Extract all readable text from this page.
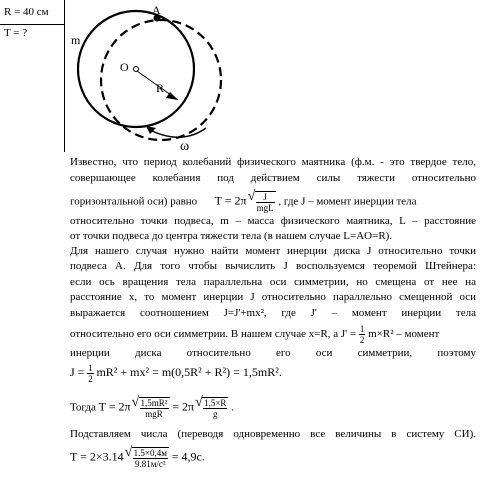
R = 40 см
T = ?
A
m
O
R
ω
Известно, что период колебаний физического маятника (ф.м. - это твердое тело,
совершающее колебания под действием силы тяжести относительно
горизонтальной оси) равно T = 2π √ $\frac{J}{\text{mgL}}$ , где J – момент инерции тела
относительно точки подвеса, m – масса физического маятника, L – расстояние
от точки подвеса до центра тяжести тела (в нашем случае L=AO=R).
Для нашего случая нужно найти момент инерции диска J относительно точки
подвеса А. Для того чтобы вычислить J воспользуемся теоремой Штейнера:
если ось вращения тела параллельна оси симметрии, но смещена от нее на
расстояние х, то момент инерции J относительно параллельно смещенной оси
выражается соотношением J=J'+mx², где J' – момент инерции тела
относительно его оси симметрии. В нашем случае x=R, а $J' = \frac{1}{2} m\times R^2$ – момент
инерции диска относительно его оси симметрии, поэтому
$J = \frac{1}{2} mR^2 + mx^2 = m(0,5R^2 + R^2) = 1,5mR^2$.
Тогда T = 2π √ $\frac{\text{1,5mR²}}{\text{mgR}} = 2\pi$ √ $\frac{1,5\times R}{g}$ .
Подставляем числа (переводя одновременно все величины в систему СИ).
T = 2×3.14 √ $\frac{1.5\times 0,4м}{\text{9.81м/с²}} = 4,9с$.
